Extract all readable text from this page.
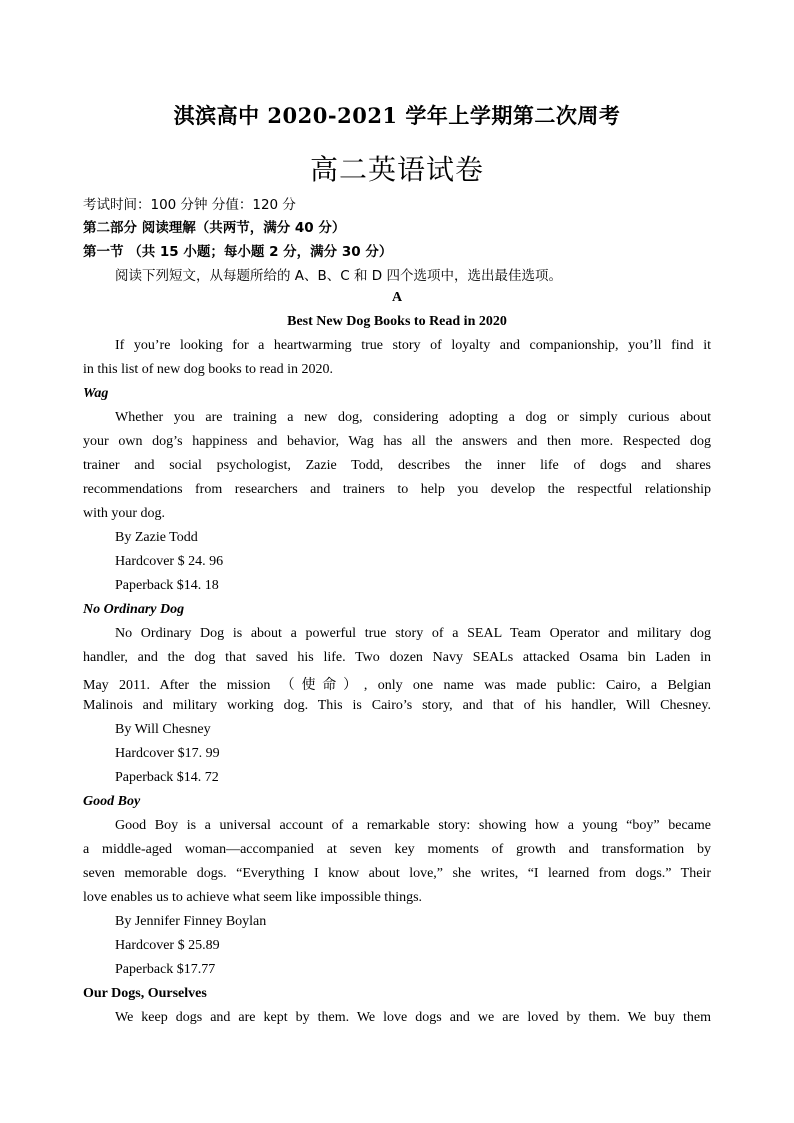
淇滨高中 2020-2021 学年上学期第二次周考
高二英语试卷
考试时间：100 分钟 分值：120 分
第二部分 阅读理解（共两节，满分 40 分）
第一节 （共 15 小题；每小题 2 分，满分 30 分）
阅读下列短文，从每题所给的 A、B、C 和 D 四个选项中，选出最佳选项。
A
Best New Dog Books to Read in 2020
If you’re looking for a heartwarming true story of loyalty and companionship, you’ll find it
in this list of new dog books to read in 2020.
Wag
Whether you are training a new dog, considering adopting a dog or simply curious about
your own dog’s happiness and behavior, Wag has all the answers and then more. Respected dog
trainer and social psychologist, Zazie Todd, describes the inner life of dogs and shares
recommendations from researchers and trainers to help you develop the respectful relationship
with your dog.
By Zazie Todd
Hardcover $ 24. 96
Paperback $14. 18
No Ordinary Dog
No Ordinary Dog is about a powerful true story of a SEAL Team Operator and military dog
handler, and the dog that saved his life. Two dozen Navy SEALs attacked Osama bin Laden in
May 2011. After the mission （使命）, only one name was made public: Cairo, a Belgian
Malinois and military working dog. This is Cairo’s story, and that of his handler, Will Chesney.
By Will Chesney
Hardcover $17. 99
Paperback $14. 72
Good Boy
Good Boy is a universal account of a remarkable story: showing how a young “boy” became
a middle-aged woman—accompanied at seven key moments of growth and transformation by
seven memorable dogs. “Everything I know about love,” she writes, “I learned from dogs.” Their
love enables us to achieve what seem like impossible things.
By Jennifer Finney Boylan
Hardcover $ 25.89
Paperback $17.77
Our Dogs, Ourselves
We keep dogs and are kept by them. We love dogs and we are loved by them. We buy them
